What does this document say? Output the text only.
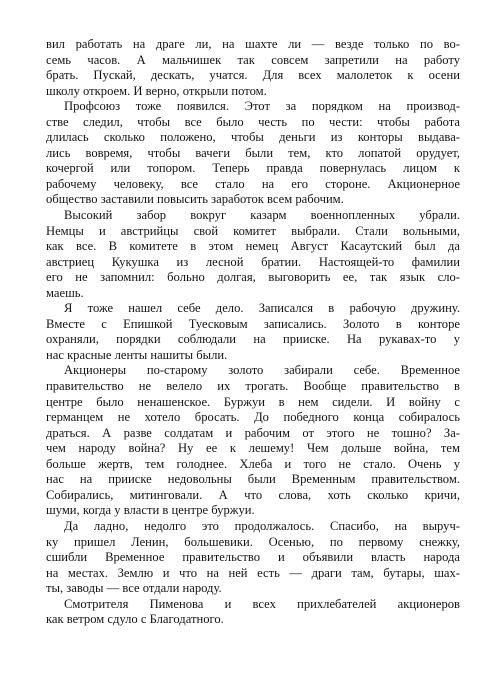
вил работать на драге ли, на шахте ли — везде только по во-
семь часов. А мальчишек так совсем запретили на работу
брать. Пускай, дескать, учатся. Для всех малолеток к осени
школу откроем. И верно, открыли потом.
Профсоюз тоже появился. Этот за порядком на производ-
стве следил, чтобы все было честь по чести: чтобы работа
длилась сколько положено, чтобы деньги из конторы выдава-
лись вовремя, чтобы вачеги были тем, кто лопатой орудует,
кочергой или топором. Теперь правда повернулась лицом к
рабочему человеку, все стало на его стороне. Акционерное
общество заставили повысить заработок всем рабочим.
Высокий забор вокруг казарм военнопленных убрали.
Немцы и австрийцы свой комитет выбрали. Стали вольными,
как все. В комитете в этом немец Август Касаутский был да
австриец Кукушка из лесной братии. Настоящей-то фамилии
его не запомнил: больно долгая, выговорить ее, так язык сло-
маешь.
Я тоже нашел себе дело. Записался в рабочую дружину.
Вместе с Епишкой Туесковым записались. Золото в конторе
охраняли, порядки соблюдали на прииске. На рукавах-то у
нас красные ленты нашиты были.
Акционеры по-старому золото забирали себе. Временное
правительство не велело их трогать. Вообще правительство в
центре было ненашенское. Буржуи в нем сидели. И войну с
германцем не хотело бросать. До победного конца собиралось
драться. А разве солдатам и рабочим от этого не тошно? За-
чем народу война? Ну ее к лешему! Чем дольше война, тем
больше жертв, тем голоднее. Хлеба и того не стало. Очень у
нас на прииске недовольны были Временным правительством.
Собирались, митинговали. А что слова, хоть сколько кричи,
шуми, когда у власти в центре буржуи.
Да ладно, недолго это продолжалось. Спасибо, на выруч-
ку пришел Ленин, большевики. Осенью, по первому снежку,
сшибли Временное правительство и объявили власть народа
на местах. Землю и что на ней есть — драги там, бутары, шах-
ты, заводы — все отдали народу.
Смотрителя Пименова и всех прихлебателей акционеров
как ветром сдуло с Благодатного.
